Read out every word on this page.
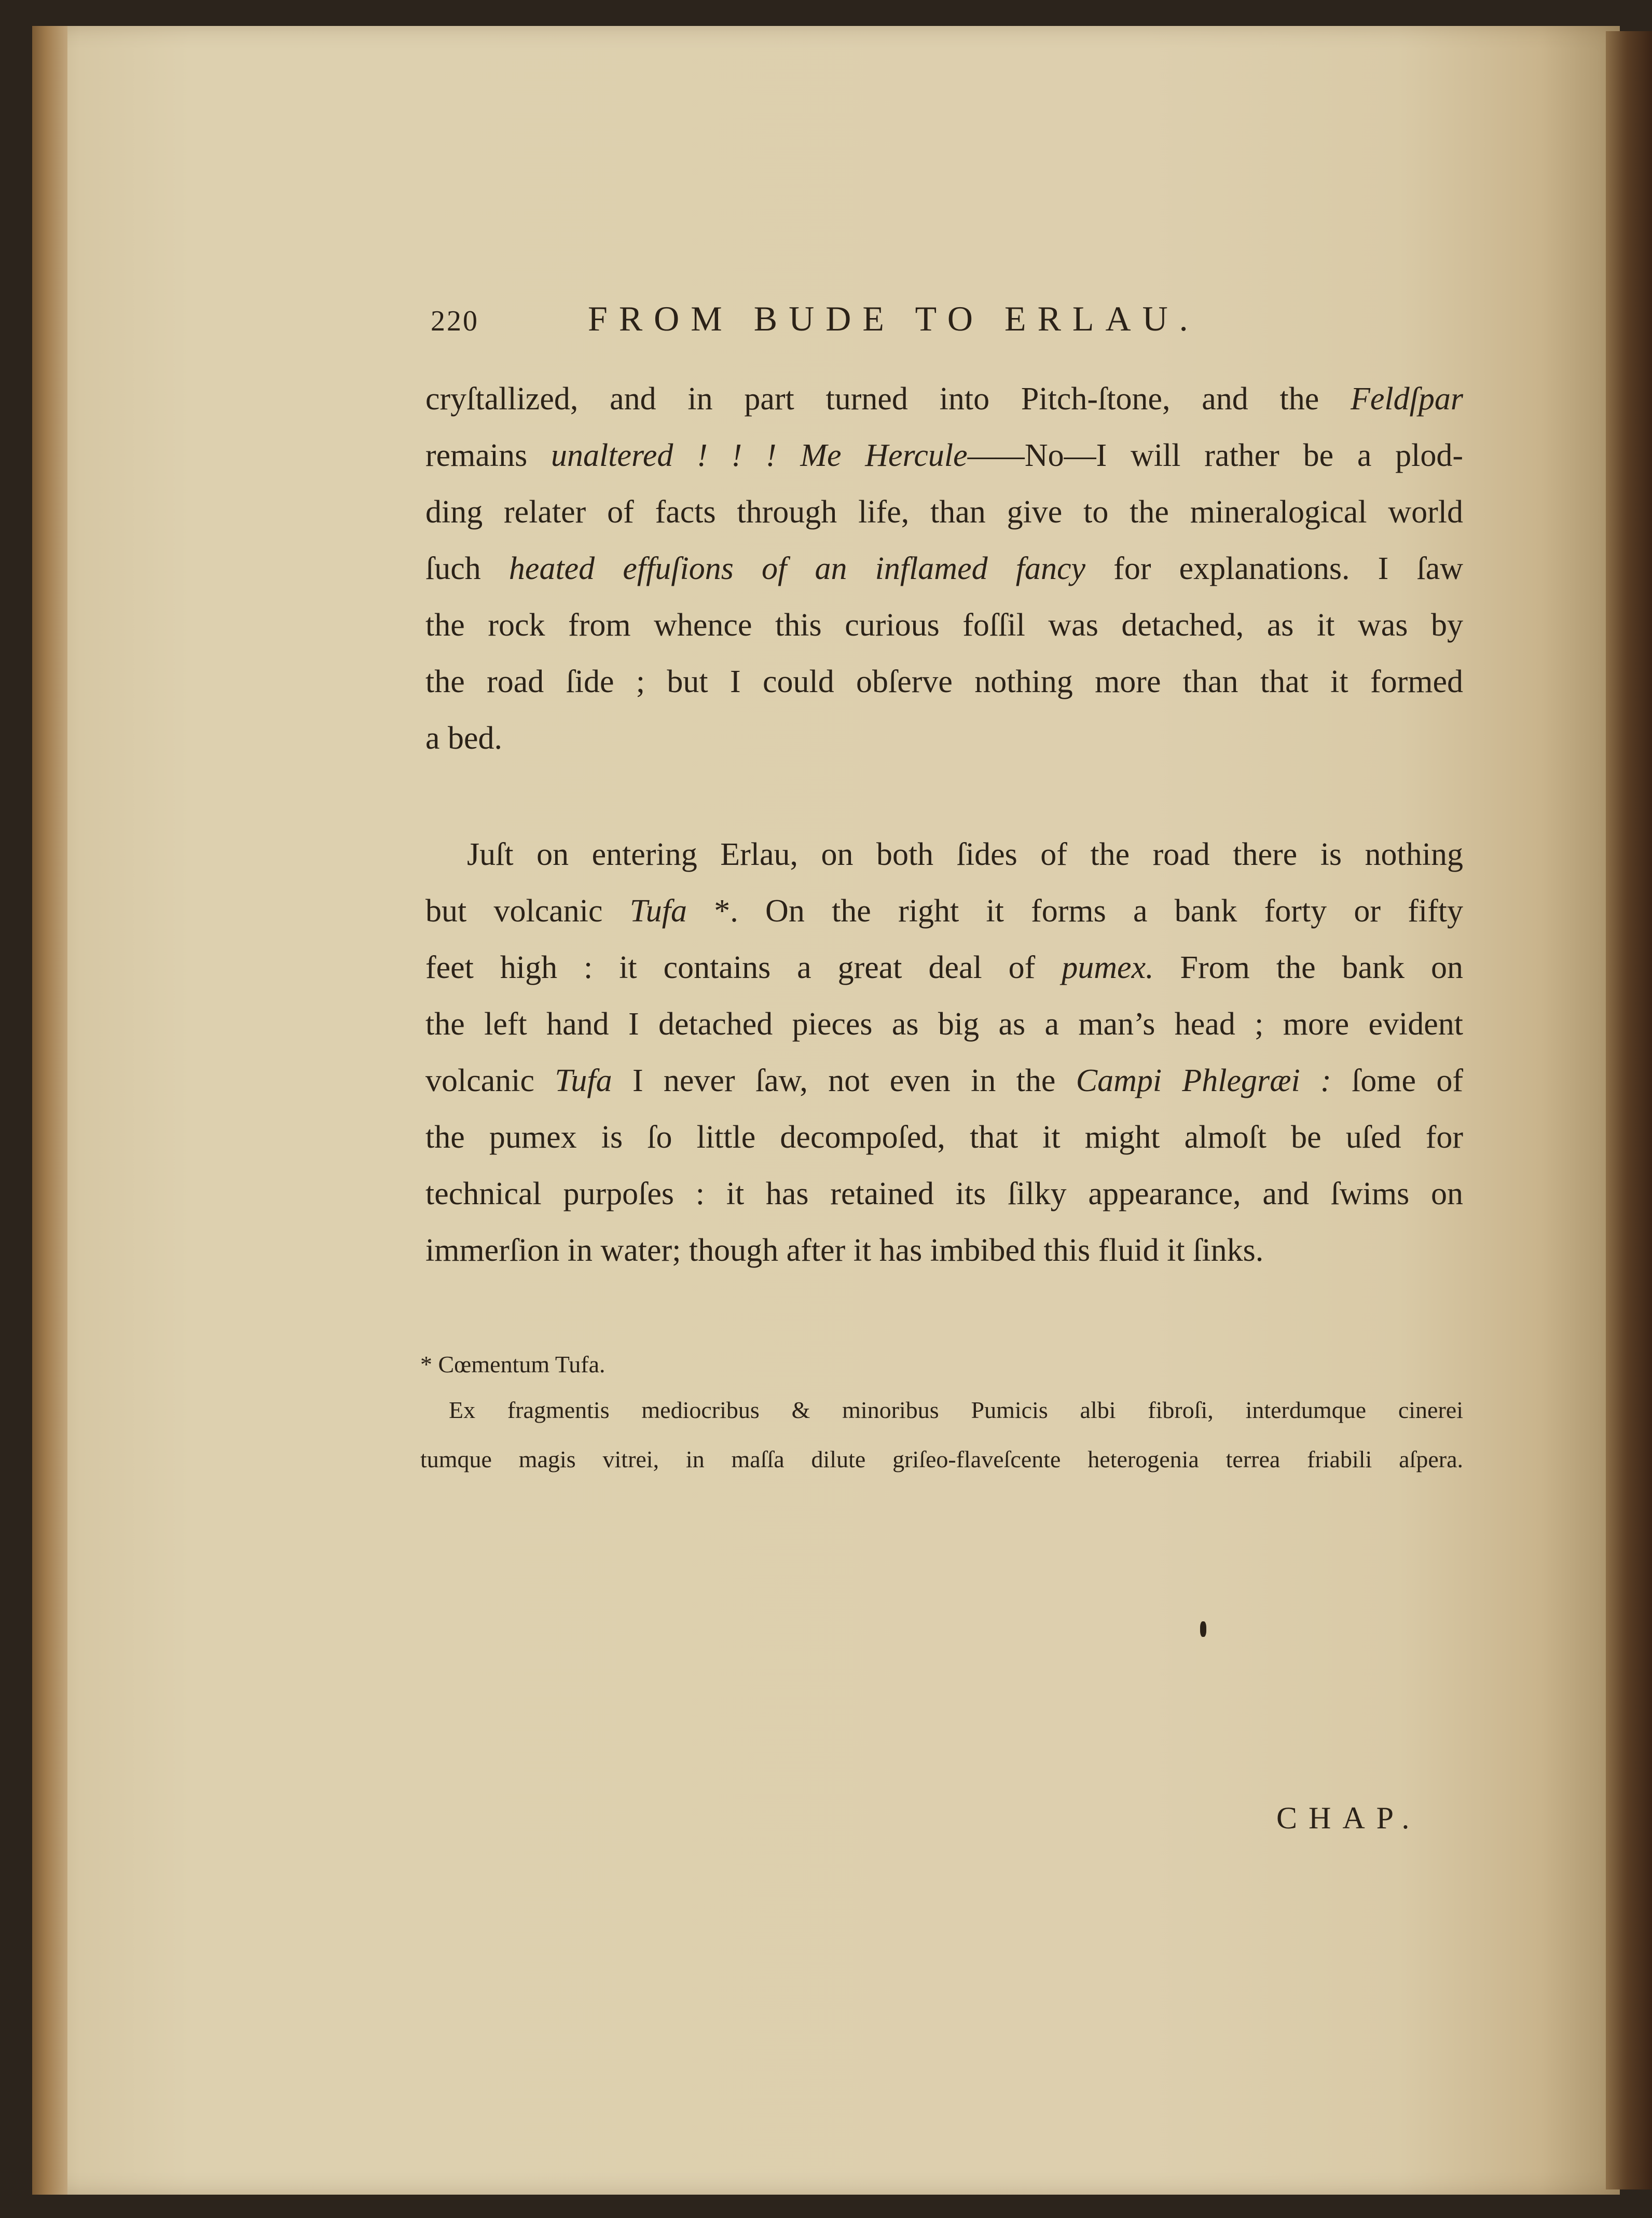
220	FROM BUDE TO ERLAU.
cryſtallized, and in part turned into Pitch-ſtone, and the Feldſpar
remains unaltered ! ! ! Me Hercule——No—I will rather be a plod-
ding relater of facts through life, than give to the mineralogical world
ſuch heated effuſions of an inflamed fancy for explanations. I ſaw
the rock from whence this curious foſſil was detached, as it was by
the road ſide ; but I could obſerve nothing more than that it formed
a bed.
Juſt on entering Erlau, on both ſides of the road there is nothing
but volcanic Tufa *. On the right it forms a bank forty or fifty
feet high : it contains a great deal of pumex. From the bank on
the left hand I detached pieces as big as a man’s head ; more evident
volcanic Tufa I never ſaw, not even in the Campi Phlegræi : ſome of
the pumex is ſo little decompoſed, that it might almoſt be uſed for
technical purpoſes : it has retained its ſilky appearance, and ſwims on
immerſion in water; though after it has imbibed this fluid it ſinks.
* Cœmentum Tufa.
Ex fragmentis mediocribus & minoribus Pumicis albi fibroſi, interdumque cinerei
tumque magis vitrei, in maſſa dilute griſeo-flaveſcente heterogenia terrea friabili aſpera.
CHAP.
